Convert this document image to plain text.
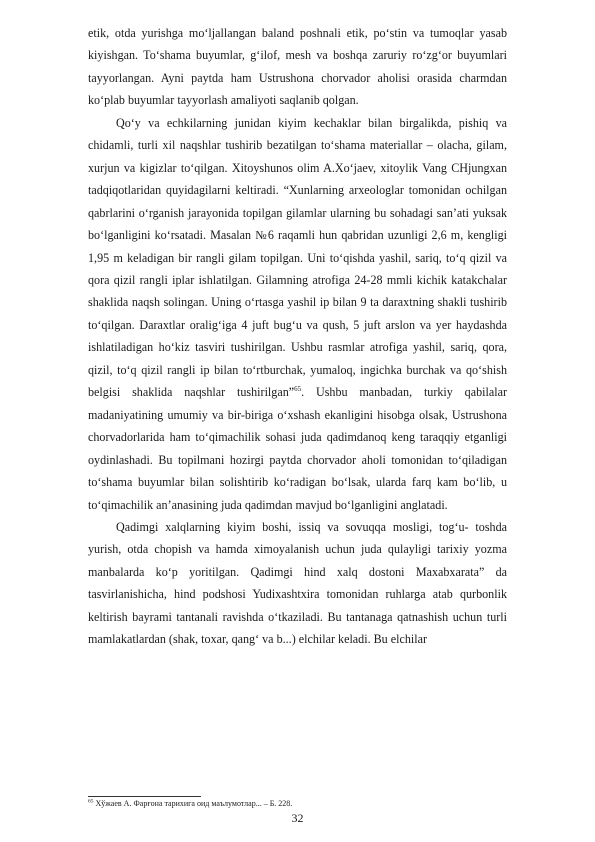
etik, otda yurishga mo‘ljallangan baland poshnali etik, po‘stin va tumoqlar yasab kiyishgan. To‘shama buyumlar, g‘ilof, mesh va boshqa zaruriy ro‘zg‘or buyumlari tayyorlangan. Ayni paytda ham Ustrushona chorvador aholisi orasida charmdan ko‘plab buyumlar tayyorlash amaliyoti saqlanib qolgan.

Qo‘y va echkilarning junidan kiyim kechaklar bilan birgalikda, pishiq va chidamli, turli xil naqshlar tushirib bezatilgan to‘shama materiallar – olacha, gilam, xurjun va kigizlar to‘qilgan. Xitoyshunos olim A.Xo‘jaev, xitoylik Vang CHjungxan tadqiqotlaridan quyidagilarni keltiradi. “Xunlarning arxeologlar tomonidan ochilgan qabrlarini o‘rganish jarayonida topilgan gilamlar ularning bu sohadagi san’ati yuksak bo‘lganligini ko‘rsatadi. Masalan №6 raqamli hun qabridan uzunligi 2,6 m, kengligi 1,95 m keladigan bir rangli gilam topilgan. Uni to‘qishda yashil, sariq, to‘q qizil va qora qizil rangli iplar ishlatilgan. Gilamning atrofiga 24-28 mmli kichik katakchalar shaklida naqsh solingan. Uning o‘rtasga yashil ip bilan 9 ta daraxtning shakli tushirib to‘qilgan. Daraxtlar oralig‘iga 4 juft bug‘u va qush, 5 juft arslon va yer haydashda ishlatiladigan ho‘kiz tasviri tushirilgan. Ushbu rasmlar atrofiga yashil, sariq, qora, qizil, to‘q qizil rangli ip bilan to‘rtburchak, yumaloq, ingichka burchak va qo‘shish belgisi shaklida naqshlar tushirilgan”$^{65}$. Ushbu manbadan, turkiy qabilalar madaniyatining umumiy va bir-biriga o‘xshash ekanligini hisobga olsak, Ustrushona chorvadorlarida ham to‘qimachilik sohasi juda qadimdanoq keng taraqqiy etganligi oydinlashadi. Bu topilmani hozirgi paytda chorvador aholi tomonidan to‘qiladigan to‘shama buyumlar bilan solishtirib ko‘radigan bo‘lsak, ularda farq kam bo‘lib, u to‘qimachilik an’anasining juda qadimdan mavjud bo‘lganligini anglatadi.

Qadimgi xalqlarning kiyim boshi, issiq va sovuqqa mosligi, tog‘u- toshda yurish, otda chopish va hamda ximoyalanish uchun juda qulayligi tarixiy yozma manbalarda ko‘p yoritilgan. Qadimgi hind xalq dostoni Maxabxarata” da tasvirlanishicha, hind podshosi Yudixashtxira tomonidan ruhlarga atab qurbonlik keltirish bayrami tantanali ravishda o‘tkaziladi. Bu tantanaga qatnashish uchun turli mamlakatlardan (shak, toxar, qang‘ va b...) elchilar keladi. Bu elchilar

$^{65}$ Хўжаев А. Фарғона тарихига оид маълумотлар... – Б. 228.
32
